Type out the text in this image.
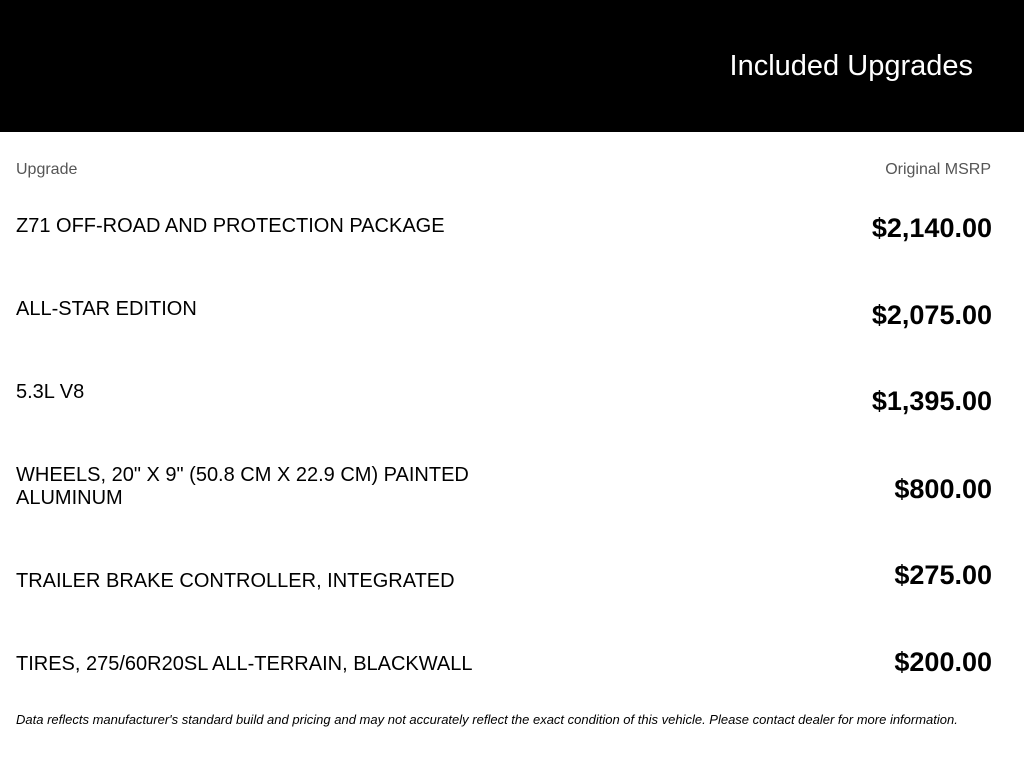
Included Upgrades
Upgrade	Original MSRP
Z71 OFF-ROAD AND PROTECTION PACKAGE	$2,140.00
ALL-STAR EDITION	$2,075.00
5.3L V8	$1,395.00
WHEELS, 20" X 9" (50.8 CM X 22.9 CM) PAINTED ALUMINUM	$800.00
TRAILER BRAKE CONTROLLER, INTEGRATED	$275.00
TIRES, 275/60R20SL ALL-TERRAIN, BLACKWALL	$200.00
Data reflects manufacturer's standard build and pricing and may not accurately reflect the exact condition of this vehicle. Please contact dealer for more information.
